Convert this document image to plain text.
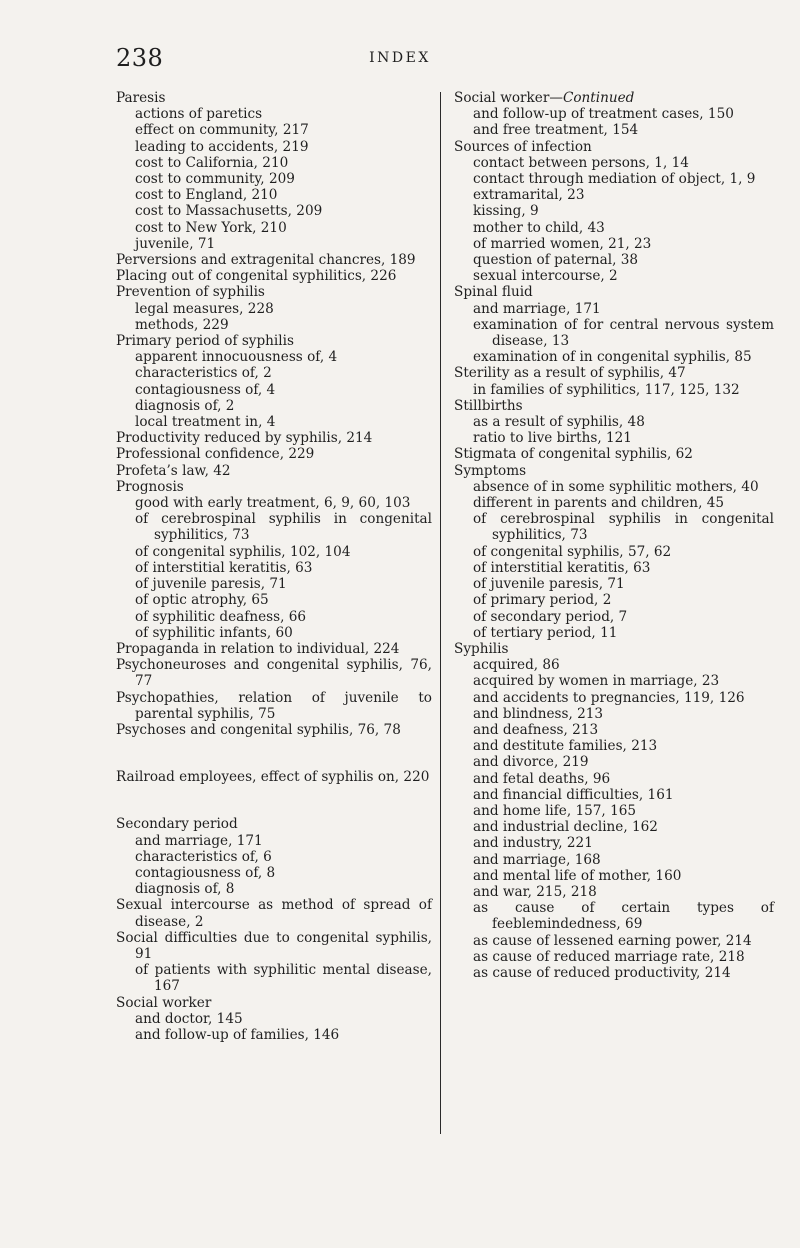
238	INDEX
Paresis
actions of paretics
effect on community, 217
leading to accidents, 219
cost to California, 210
cost to community, 209
cost to England, 210
cost to Massachusetts, 209
cost to New York, 210
juvenile, 71
Perversions and extragenital chancres, 189
Placing out of congenital syphilitics, 226
Prevention of syphilis
legal measures, 228
methods, 229
Primary period of syphilis
apparent innocuousness of, 4
characteristics of, 2
contagiousness of, 4
diagnosis of, 2
local treatment in, 4
Productivity reduced by syphilis, 214
Professional confidence, 229
Profeta’s law, 42
Prognosis
good with early treatment, 6, 9, 60, 103
of cerebrospinal syphilis in congenital syphilitics, 73
of congenital syphilis, 102, 104
of interstitial keratitis, 63
of juvenile paresis, 71
of optic atrophy, 65
of syphilitic deafness, 66
of syphilitic infants, 60
Propaganda in relation to individual, 224
Psychoneuroses and congenital syphilis, 76, 77
Psychopathies, relation of juvenile to parental syphilis, 75
Psychoses and congenital syphilis, 76, 78
Railroad employees, effect of syphilis on, 220
Secondary period
and marriage, 171
characteristics of, 6
contagiousness of, 8
diagnosis of, 8
Sexual intercourse as method of spread of disease, 2
Social difficulties due to congenital syphilis, 91
of patients with syphilitic mental disease, 167
Social worker
and doctor, 145
and follow-up of families, 146
Social worker—Continued
and follow-up of treatment cases, 150
and free treatment, 154
Sources of infection
contact between persons, 1, 14
contact through mediation of object, 1, 9
extramarital, 23
kissing, 9
mother to child, 43
of married women, 21, 23
question of paternal, 38
sexual intercourse, 2
Spinal fluid
and marriage, 171
examination of for central nervous system disease, 13
examination of in congenital syphilis, 85
Sterility as a result of syphilis, 47
in families of syphilitics, 117, 125, 132
Stillbirths
as a result of syphilis, 48
ratio to live births, 121
Stigmata of congenital syphilis, 62
Symptoms
absence of in some syphilitic mothers, 40
different in parents and children, 45
of cerebrospinal syphilis in congenital syphilitics, 73
of congenital syphilis, 57, 62
of interstitial keratitis, 63
of juvenile paresis, 71
of primary period, 2
of secondary period, 7
of tertiary period, 11
Syphilis
acquired, 86
acquired by women in marriage, 23
and accidents to pregnancies, 119, 126
and blindness, 213
and deafness, 213
and destitute families, 213
and divorce, 219
and fetal deaths, 96
and financial difficulties, 161
and home life, 157, 165
and industrial decline, 162
and industry, 221
and marriage, 168
and mental life of mother, 160
and war, 215, 218
as cause of certain types of feeblemindedness, 69
as cause of lessened earning power, 214
as cause of reduced marriage rate, 218
as cause of reduced productivity, 214
